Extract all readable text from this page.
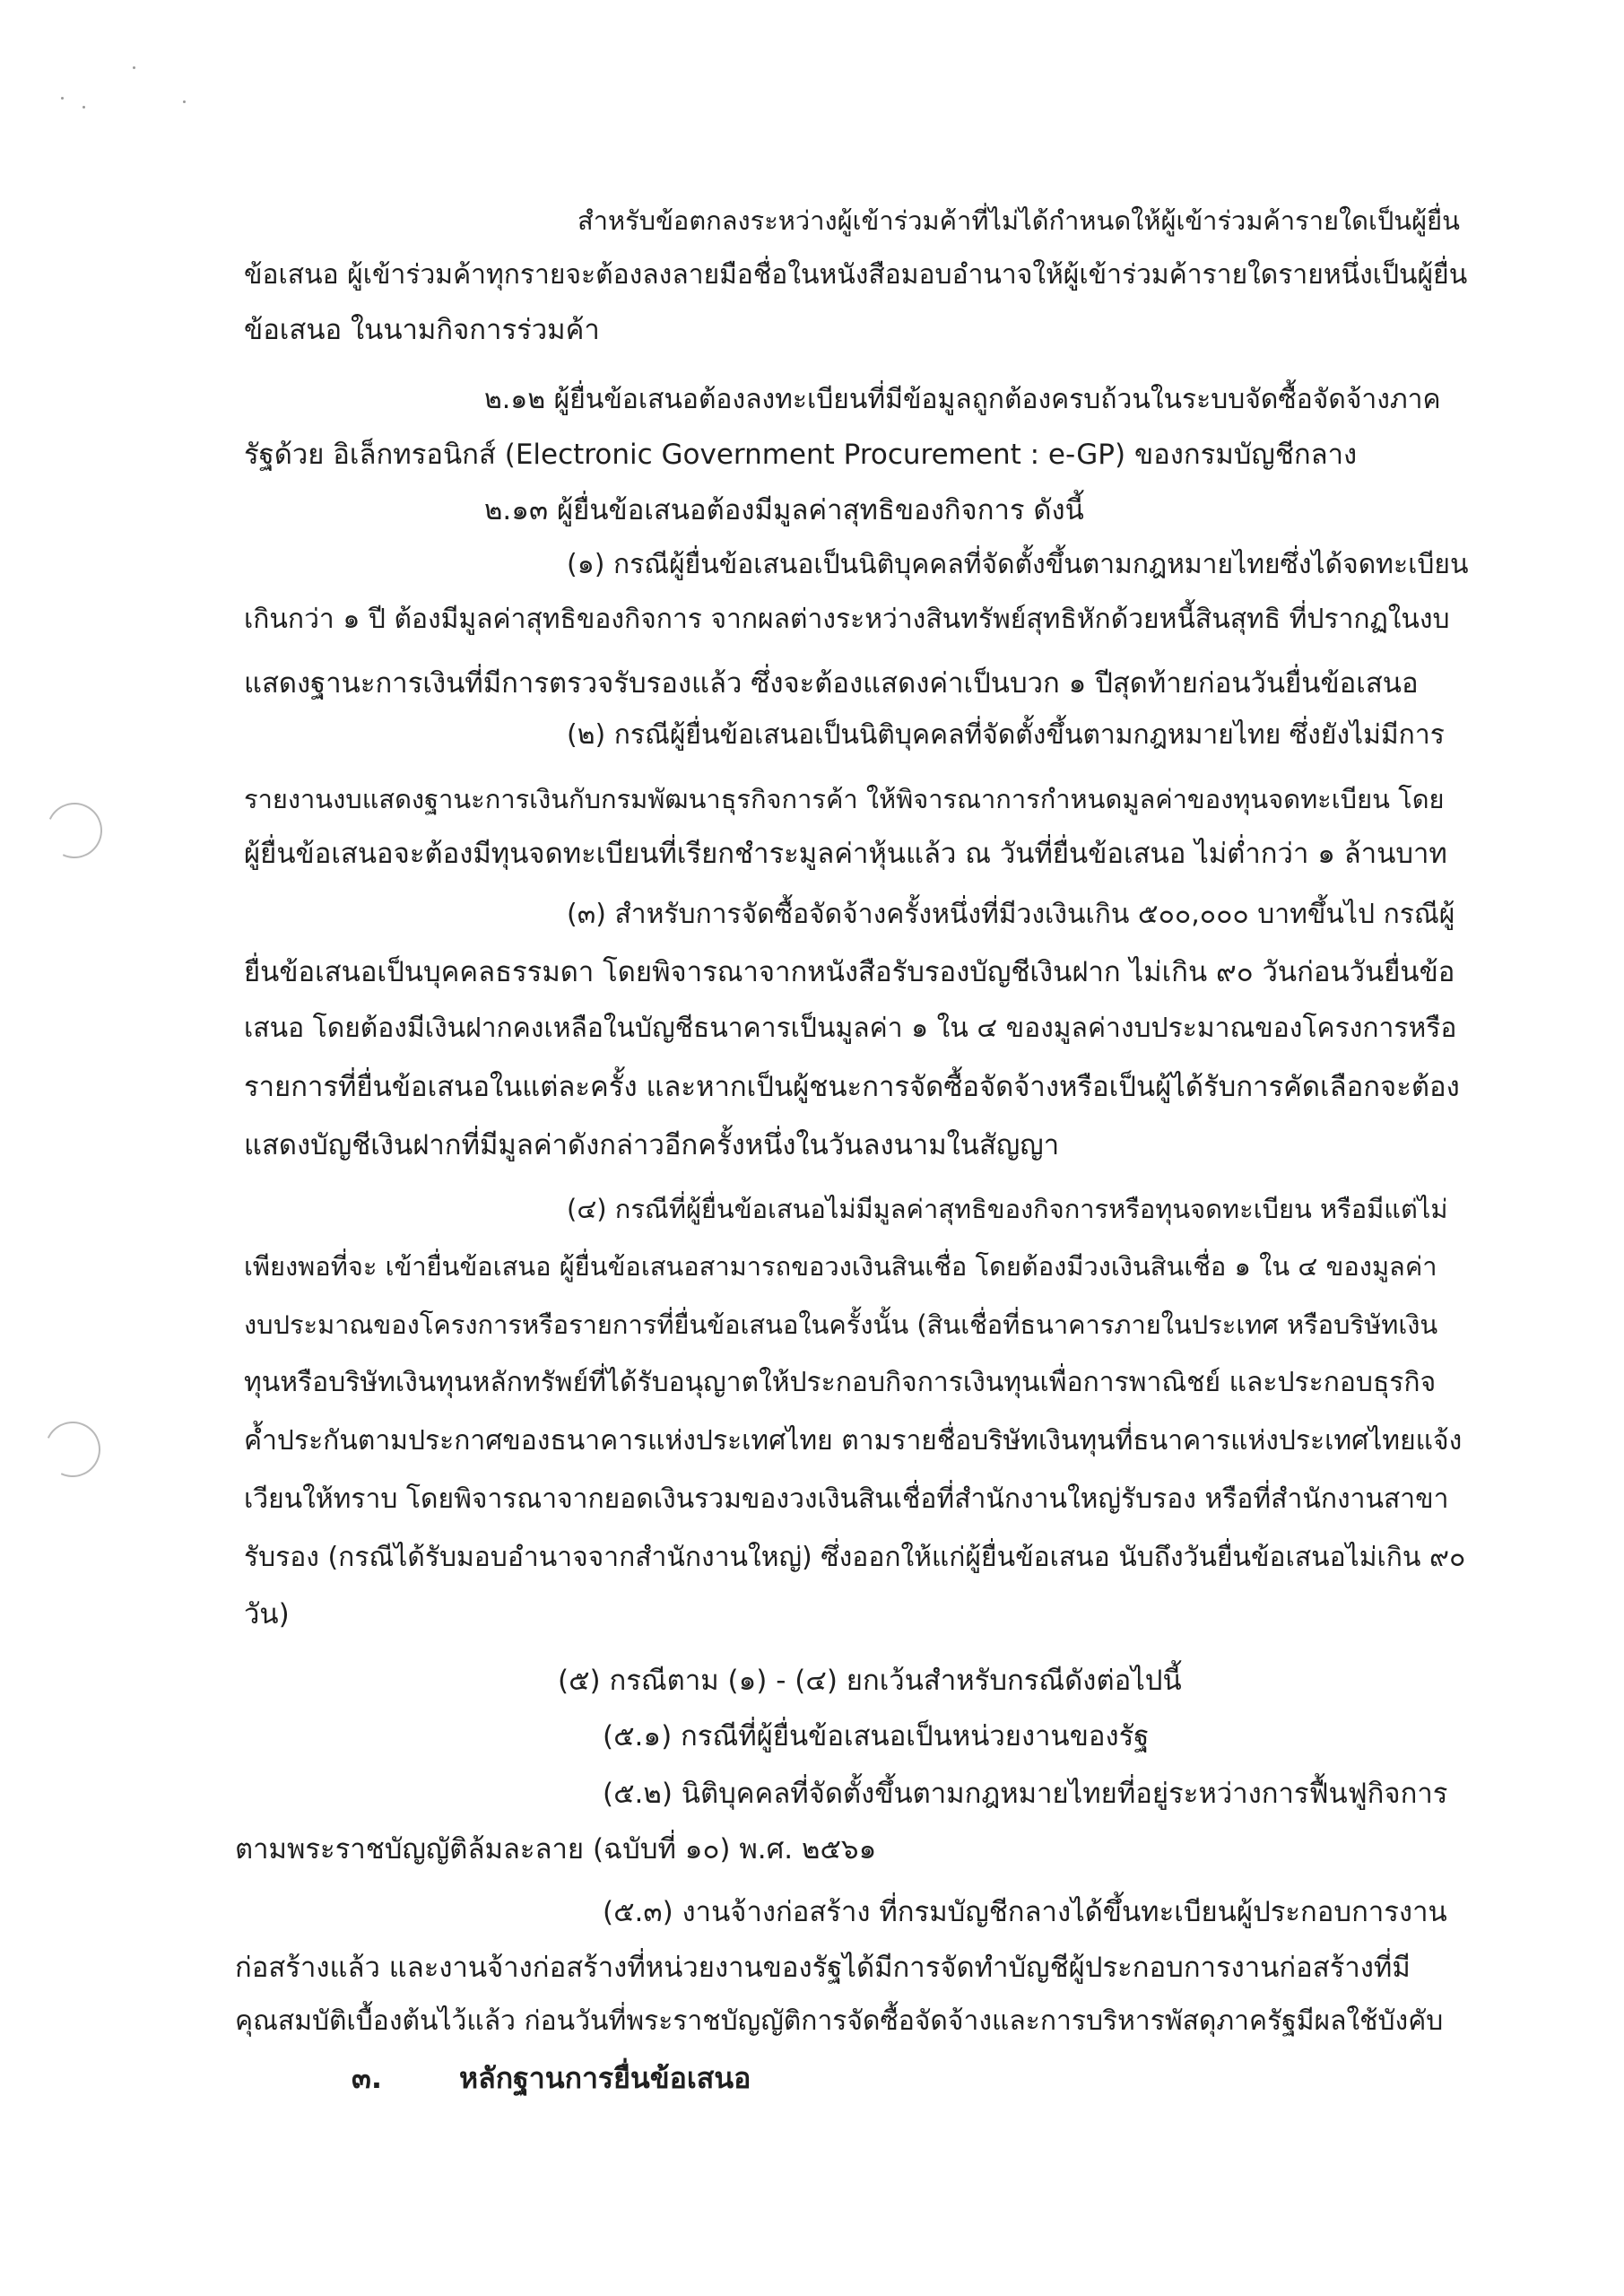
สำหรับข้อตกลงระหว่างผู้เข้าร่วมค้าที่ไม่ได้กำหนดให้ผู้เข้าร่วมค้ารายใดเป็นผู้ยื่น
ข้อเสนอ ผู้เข้าร่วมค้าทุกรายจะต้องลงลายมือชื่อในหนังสือมอบอำนาจให้ผู้เข้าร่วมค้ารายใดรายหนึ่งเป็นผู้ยื่น
ข้อเสนอ ในนามกิจการร่วมค้า
๒.๑๒ ผู้ยื่นข้อเสนอต้องลงทะเบียนที่มีข้อมูลถูกต้องครบถ้วนในระบบจัดซื้อจัดจ้างภาค
รัฐด้วย อิเล็กทรอนิกส์ (Electronic Government Procurement : e-GP) ของกรมบัญชีกลาง
๒.๑๓ ผู้ยื่นข้อเสนอต้องมีมูลค่าสุทธิของกิจการ ดังนี้
(๑) กรณีผู้ยื่นข้อเสนอเป็นนิติบุคคลที่จัดตั้งขึ้นตามกฎหมายไทยซึ่งได้จดทะเบียน
เกินกว่า ๑ ปี ต้องมีมูลค่าสุทธิของกิจการ จากผลต่างระหว่างสินทรัพย์สุทธิหักด้วยหนี้สินสุทธิ ที่ปรากฏในงบ
แสดงฐานะการเงินที่มีการตรวจรับรองแล้ว ซึ่งจะต้องแสดงค่าเป็นบวก ๑ ปีสุดท้ายก่อนวันยื่นข้อเสนอ
(๒) กรณีผู้ยื่นข้อเสนอเป็นนิติบุคคลที่จัดตั้งขึ้นตามกฎหมายไทย ซึ่งยังไม่มีการ
รายงานงบแสดงฐานะการเงินกับกรมพัฒนาธุรกิจการค้า ให้พิจารณาการกำหนดมูลค่าของทุนจดทะเบียน โดย
ผู้ยื่นข้อเสนอจะต้องมีทุนจดทะเบียนที่เรียกชำระมูลค่าหุ้นแล้ว ณ วันที่ยื่นข้อเสนอ ไม่ต่ำกว่า ๑ ล้านบาท
(๓) สำหรับการจัดซื้อจัดจ้างครั้งหนึ่งที่มีวงเงินเกิน ๕๐๐,๐๐๐ บาทขึ้นไป กรณีผู้
ยื่นข้อเสนอเป็นบุคคลธรรมดา โดยพิจารณาจากหนังสือรับรองบัญชีเงินฝาก ไม่เกิน ๙๐ วันก่อนวันยื่นข้อ
เสนอ โดยต้องมีเงินฝากคงเหลือในบัญชีธนาคารเป็นมูลค่า ๑ ใน ๔ ของมูลค่างบประมาณของโครงการหรือ
รายการที่ยื่นข้อเสนอในแต่ละครั้ง และหากเป็นผู้ชนะการจัดซื้อจัดจ้างหรือเป็นผู้ได้รับการคัดเลือกจะต้อง
แสดงบัญชีเงินฝากที่มีมูลค่าดังกล่าวอีกครั้งหนึ่งในวันลงนามในสัญญา
(๔) กรณีที่ผู้ยื่นข้อเสนอไม่มีมูลค่าสุทธิของกิจการหรือทุนจดทะเบียน หรือมีแต่ไม่
เพียงพอที่จะ เข้ายื่นข้อเสนอ ผู้ยื่นข้อเสนอสามารถขอวงเงินสินเชื่อ โดยต้องมีวงเงินสินเชื่อ ๑ ใน ๔ ของมูลค่า
งบประมาณของโครงการหรือรายการที่ยื่นข้อเสนอในครั้งนั้น (สินเชื่อที่ธนาคารภายในประเทศ หรือบริษัทเงิน
ทุนหรือบริษัทเงินทุนหลักทรัพย์ที่ได้รับอนุญาตให้ประกอบกิจการเงินทุนเพื่อการพาณิชย์ และประกอบธุรกิจ
ค้ำประกันตามประกาศของธนาคารแห่งประเทศไทย ตามรายชื่อบริษัทเงินทุนที่ธนาคารแห่งประเทศไทยแจ้ง
เวียนให้ทราบ โดยพิจารณาจากยอดเงินรวมของวงเงินสินเชื่อที่สำนักงานใหญ่รับรอง หรือที่สำนักงานสาขา
รับรอง (กรณีได้รับมอบอำนาจจากสำนักงานใหญ่) ซึ่งออกให้แก่ผู้ยื่นข้อเสนอ นับถึงวันยื่นข้อเสนอไม่เกิน ๙๐
วัน)
(๕) กรณีตาม (๑) - (๔) ยกเว้นสำหรับกรณีดังต่อไปนี้
(๕.๑) กรณีที่ผู้ยื่นข้อเสนอเป็นหน่วยงานของรัฐ
(๕.๒) นิติบุคคลที่จัดตั้งขึ้นตามกฎหมายไทยที่อยู่ระหว่างการฟื้นฟูกิจการ
ตามพระราชบัญญัติล้มละลาย (ฉบับที่ ๑๐) พ.ศ. ๒๕๖๑
(๕.๓) งานจ้างก่อสร้าง ที่กรมบัญชีกลางได้ขึ้นทะเบียนผู้ประกอบการงาน
ก่อสร้างแล้ว และงานจ้างก่อสร้างที่หน่วยงานของรัฐได้มีการจัดทำบัญชีผู้ประกอบการงานก่อสร้างที่มี
คุณสมบัติเบื้องต้นไว้แล้ว ก่อนวันที่พระราชบัญญัติการจัดซื้อจัดจ้างและการบริหารพัสดุภาครัฐมีผลใช้บังคับ
๓.	หลักฐานการยื่นข้อเสนอ
